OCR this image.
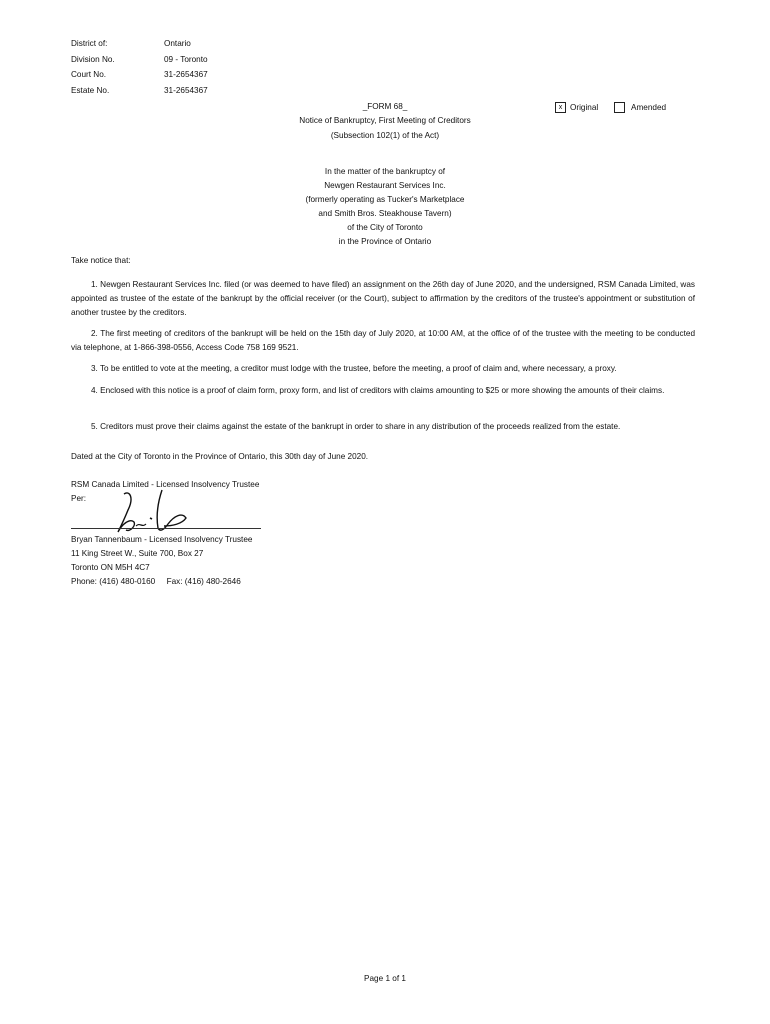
District of:	Ontario
Division No.	09 - Toronto
Court No.	31-2654367
Estate No.	31-2654367
_FORM 68_
Notice of Bankruptcy, First Meeting of Creditors
(Subsection 102(1) of the Act)
x Original	Amended
In the matter of the bankruptcy of
Newgen Restaurant Services Inc.
(formerly operating as Tucker's Marketplace
and Smith Bros. Steakhouse Tavern)
of the City of Toronto
in the Province of Ontario
Take notice that:
1. Newgen Restaurant Services Inc. filed (or was deemed to have filed) an assignment on the 26th day of June 2020, and the undersigned, RSM Canada Limited, was appointed as trustee of the estate of the bankrupt by the official receiver (or the Court), subject to affirmation by the creditors of the trustee's appointment or substitution of another trustee by the creditors.
2. The first meeting of creditors of the bankrupt will be held on the 15th day of July 2020, at 10:00 AM, at the office of of the trustee with the meeting to be conducted via telephone, at 1-866-398-0556, Access Code 758 169 9521.
3. To be entitled to vote at the meeting, a creditor must lodge with the trustee, before the meeting, a proof of claim and, where necessary, a proxy.
4. Enclosed with this notice is a proof of claim form, proxy form, and list of creditors with claims amounting to $25 or more showing the amounts of their claims.
5. Creditors must prove their claims against the estate of the bankrupt in order to share in any distribution of the proceeds realized from the estate.
Dated at the City of Toronto in the Province of Ontario, this 30th day of June 2020.
RSM Canada Limited - Licensed Insolvency Trustee
Per:
Bryan Tannenbaum - Licensed Insolvency Trustee
11 King Street W., Suite 700, Box 27
Toronto ON M5H 4C7
Phone: (416) 480-0160     Fax: (416) 480-2646
Page 1 of 1
